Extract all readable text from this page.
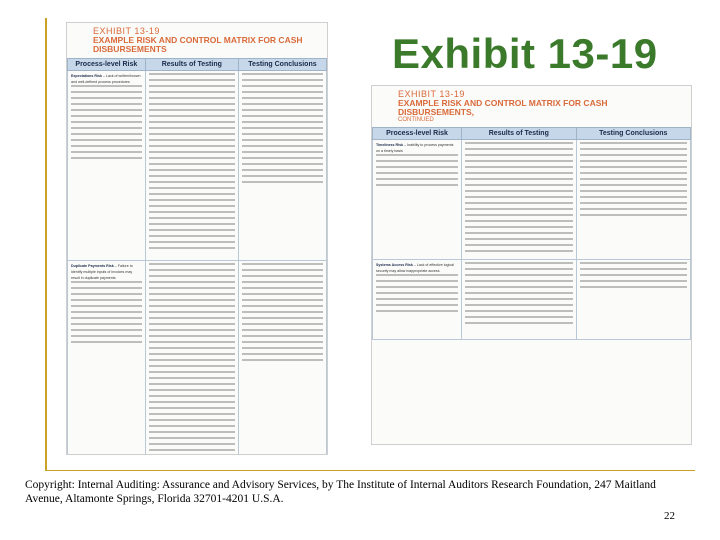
EXHIBIT 13-19
EXAMPLE RISK AND CONTROL MATRIX FOR CASH DISBURSEMENTS
Process-level Risk	Results of Testing	Testing Conclusions
Expectations Risk – Lack of written/known and well-defined process procedures

Duplicate Payments Risk – Failure to identify multiple inputs of invoices may result in duplicate payments

Exhibit 13-19
EXHIBIT 13-19
EXAMPLE RISK AND CONTROL MATRIX FOR CASH DISBURSEMENTS,
CONTINUED
Process-level Risk	Results of Testing	Testing Conclusions
Timeliness Risk – Inability to process payments on a timely basis

Systems Access Risk – Lack of effective logical security may allow inappropriate access

Copyright: Internal Auditing: Assurance and Advisory Services, by The Institute of Internal Auditors Research Foundation, 247 Maitland Avenue, Altamonte Springs, Florida 32701-4201 U.S.A.
22
